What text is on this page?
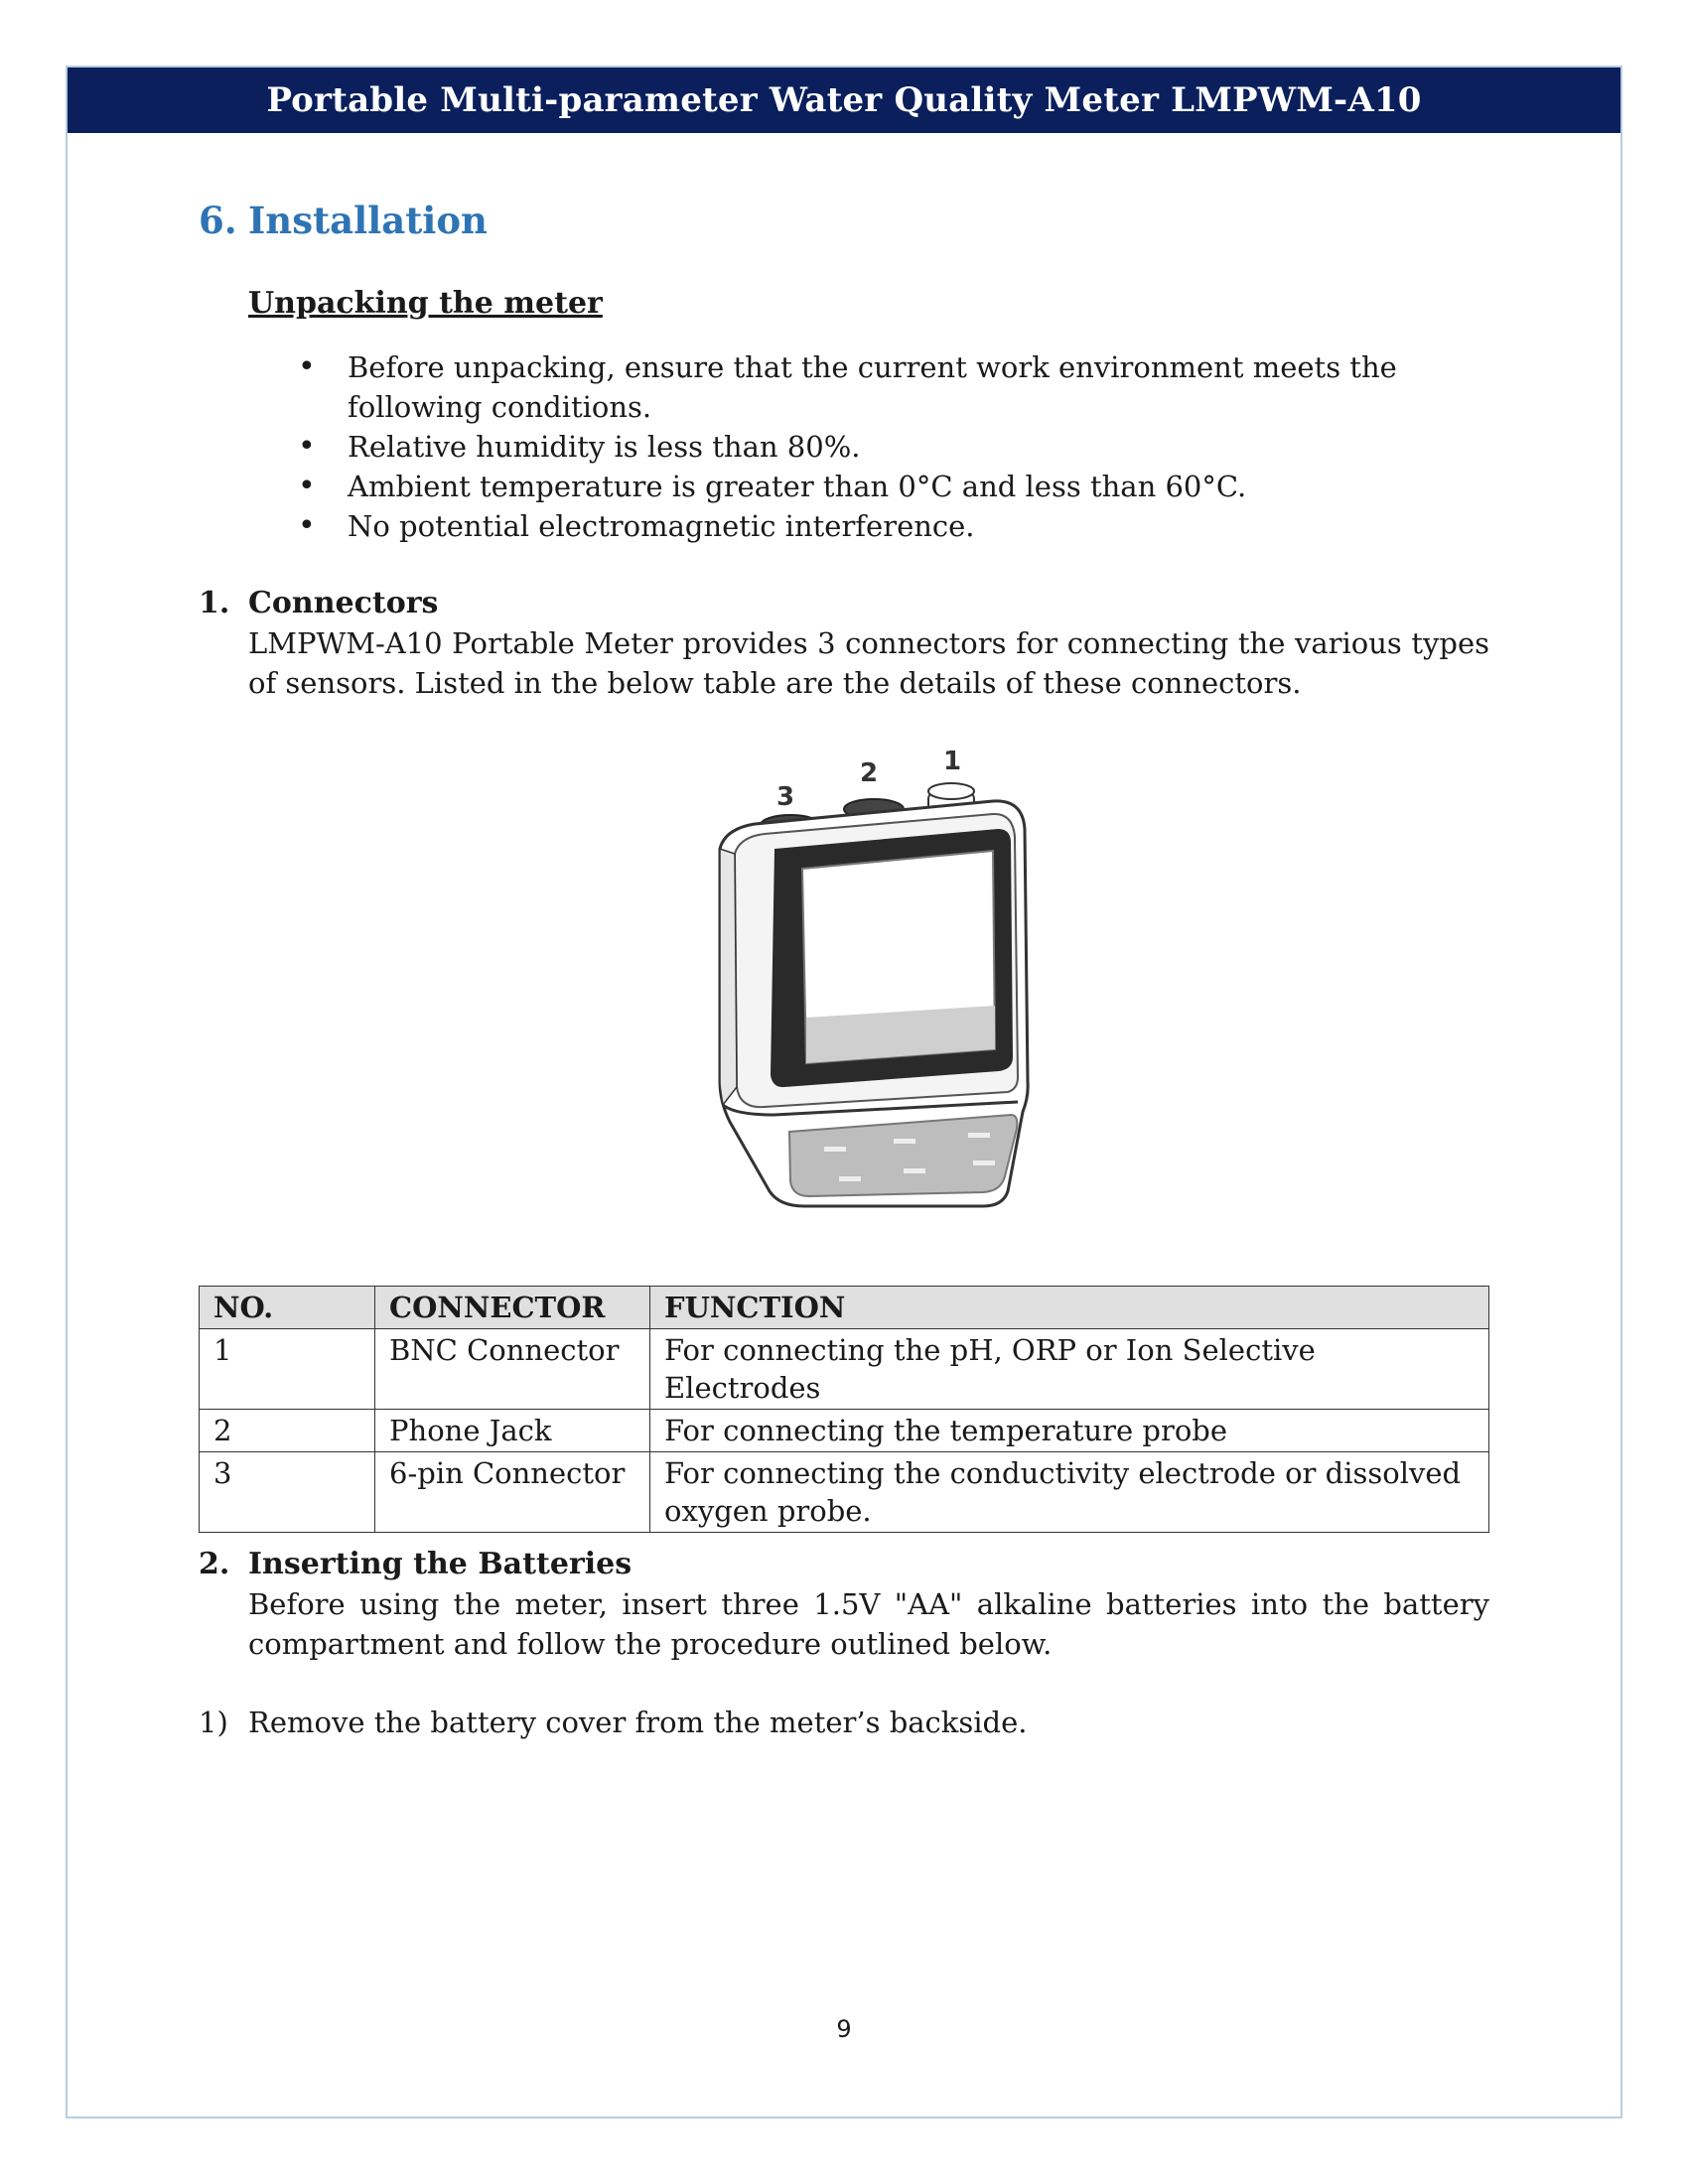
Portable Multi-parameter Water Quality Meter LMPWM-A10
6. Installation
Unpacking the meter
• Before unpacking, ensure that the current work environment meets the following conditions.
• Relative humidity is less than 80%.
• Ambient temperature is greater than 0°C and less than 60°C.
• No potential electromagnetic interference.
1. Connectors
LMPWM-A10 Portable Meter provides 3 connectors for connecting the various types of sensors. Listed in the below table are the details of these connectors.
1
2
3
NO.	CONNECTOR	FUNCTION
1	BNC Connector	For connecting the pH, ORP or Ion Selective Electrodes
2	Phone Jack	For connecting the temperature probe
3	6-pin Connector	For connecting the conductivity electrode or dissolved oxygen probe.
2. Inserting the Batteries
Before using the meter, insert three 1.5V "AA" alkaline batteries into the battery compartment and follow the procedure outlined below.
1) Remove the battery cover from the meter’s backside.
9
